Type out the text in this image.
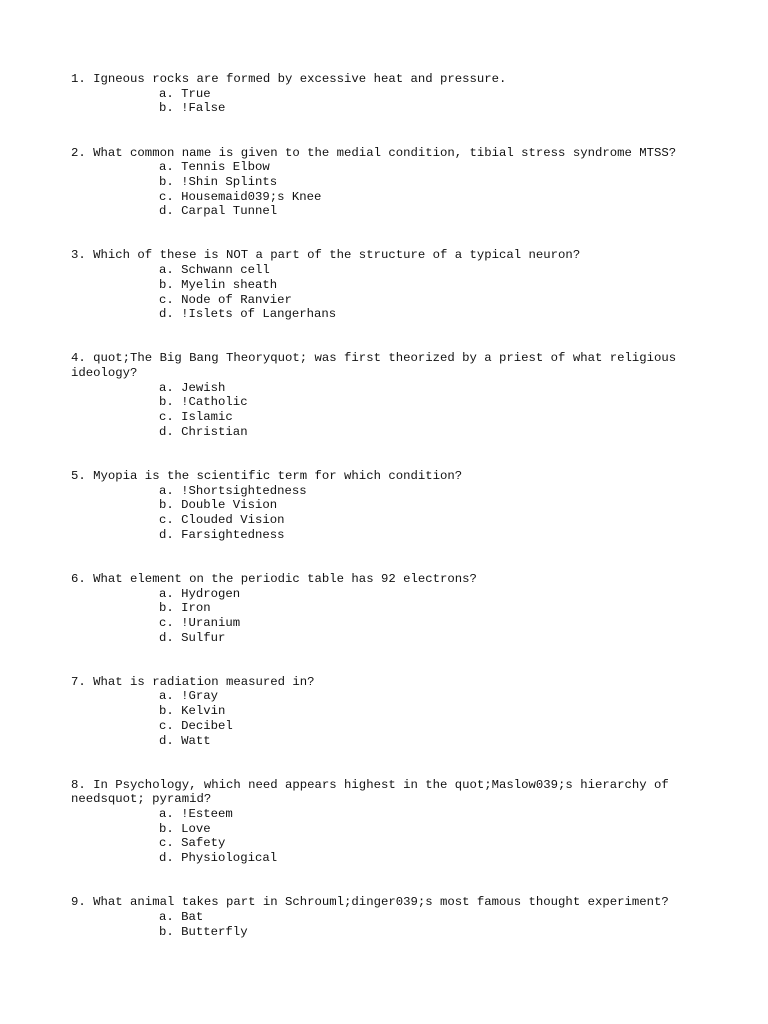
1. Igneous rocks are formed by excessive heat and pressure.
a. True
b. !False
2. What common name is given to the medial condition, tibial stress syndrome MTSS?
a. Tennis Elbow
b. !Shin Splints
c. Housemaid039;s Knee
d. Carpal Tunnel
3. Which of these is NOT a part of the structure of a typical neuron?
a. Schwann cell
b. Myelin sheath
c. Node of Ranvier
d. !Islets of Langerhans
4. quot;The Big Bang Theoryquot; was first theorized by a priest of what religious ideology?
a. Jewish
b. !Catholic
c. Islamic
d. Christian
5. Myopia is the scientific term for which condition?
a. !Shortsightedness
b. Double Vision
c. Clouded Vision
d. Farsightedness
6. What element on the periodic table has 92 electrons?
a. Hydrogen
b. Iron
c. !Uranium
d. Sulfur
7. What is radiation measured in?
a. !Gray
b. Kelvin
c. Decibel
d. Watt
8. In Psychology, which need appears highest in the quot;Maslow039;s hierarchy of needsquot; pyramid?
a. !Esteem
b. Love
c. Safety
d. Physiological
9. What animal takes part in Schrouml;dinger039;s most famous thought experiment?
a. Bat
b. Butterfly
